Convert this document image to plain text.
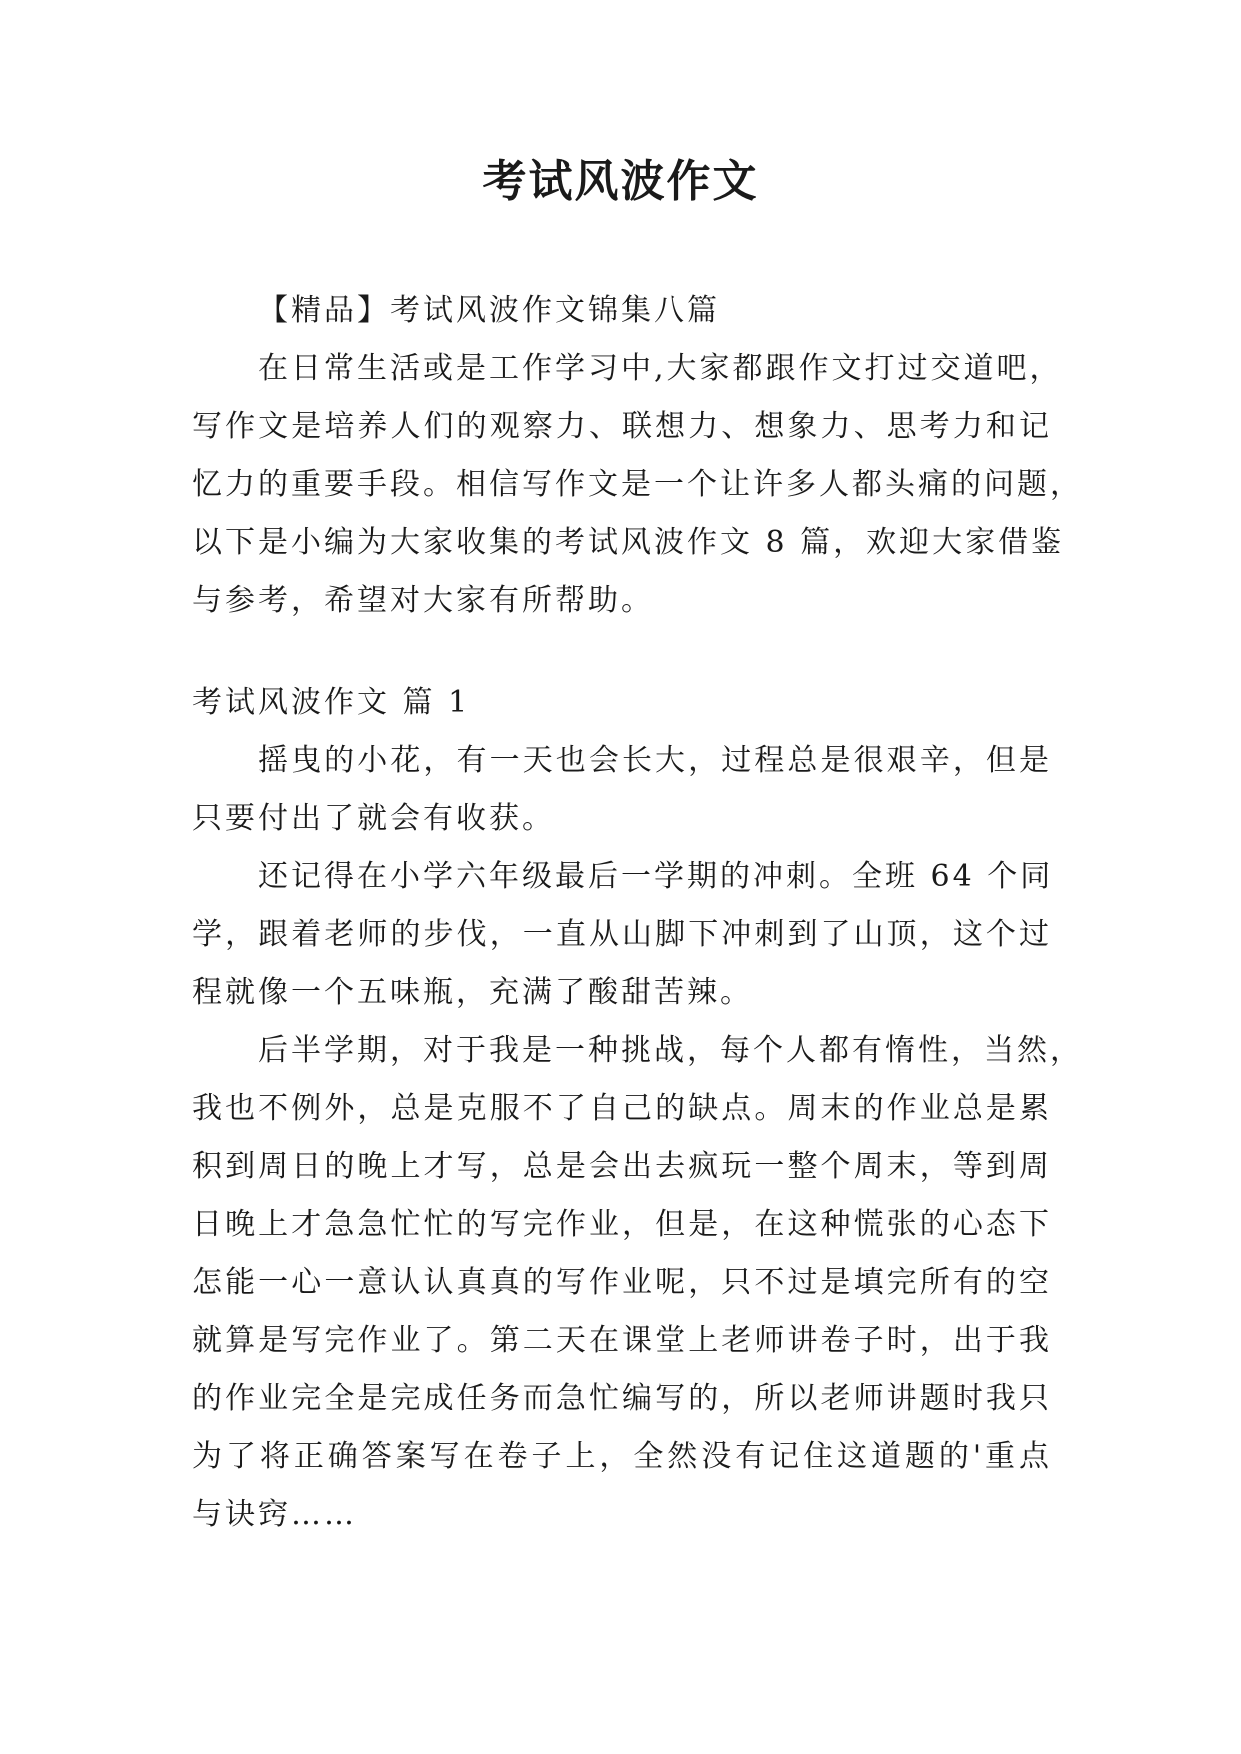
考试风波作文
【精品】考试风波作文锦集八篇
在日常生活或是工作学习中,大家都跟作文打过交道吧，
写作文是培养人们的观察力、联想力、想象力、思考力和记
忆力的重要手段。相信写作文是一个让许多人都头痛的问题，
以下是小编为大家收集的考试风波作文 8 篇，欢迎大家借鉴
与参考，希望对大家有所帮助。
考试风波作文 篇 1
摇曳的小花，有一天也会长大，过程总是很艰辛，但是
只要付出了就会有收获。
还记得在小学六年级最后一学期的冲刺。全班 64 个同
学，跟着老师的步伐，一直从山脚下冲刺到了山顶，这个过
程就像一个五味瓶，充满了酸甜苦辣。
后半学期，对于我是一种挑战，每个人都有惰性，当然，
我也不例外，总是克服不了自己的缺点。周末的作业总是累
积到周日的晚上才写，总是会出去疯玩一整个周末，等到周
日晚上才急急忙忙的写完作业，但是，在这种慌张的心态下
怎能一心一意认认真真的写作业呢，只不过是填完所有的空
就算是写完作业了。第二天在课堂上老师讲卷子时，出于我
的作业完全是完成任务而急忙编写的，所以老师讲题时我只
为了将正确答案写在卷子上，全然没有记住这道题的'重点
与诀窍……
